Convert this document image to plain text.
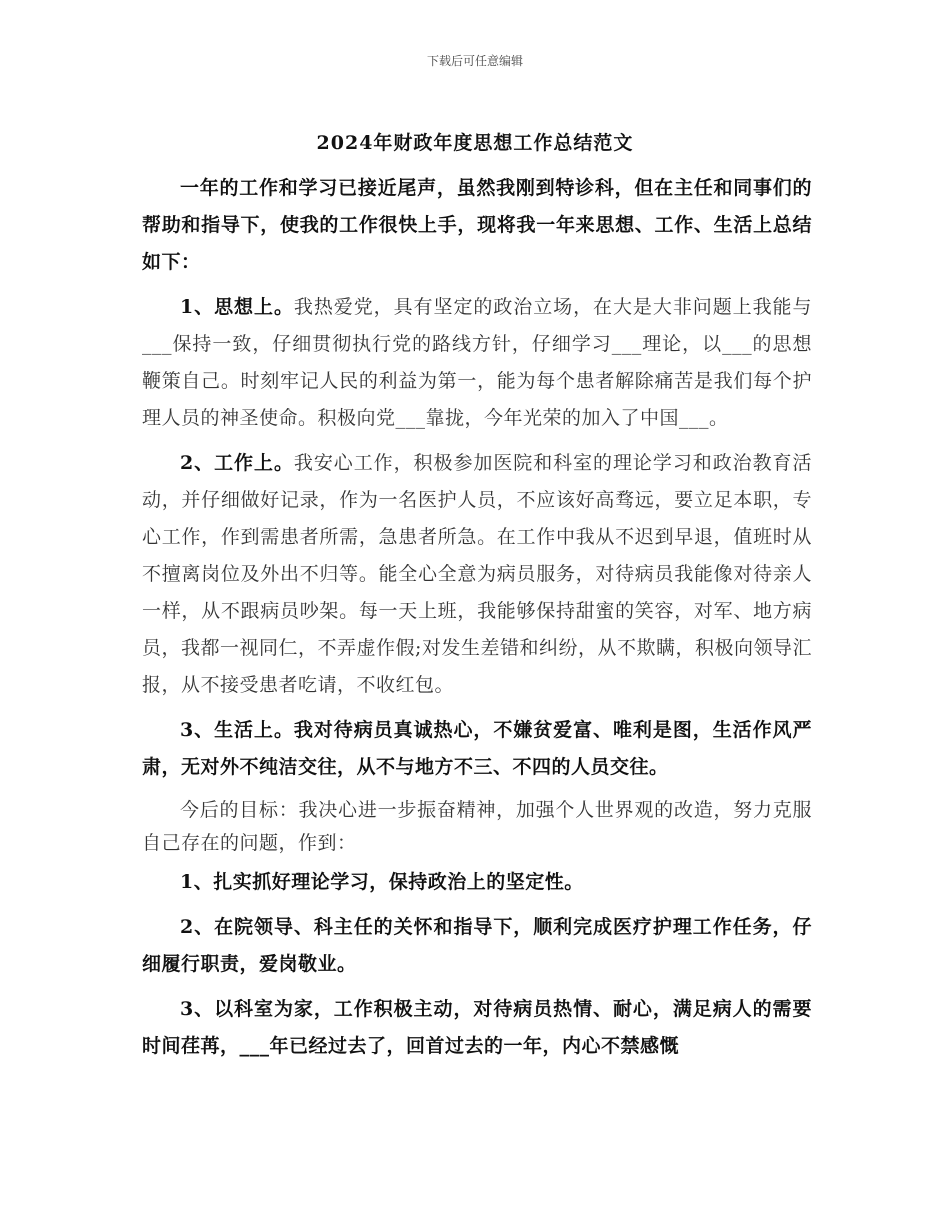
下载后可任意编辑
2024年财政年度思想工作总结范文

一年的工作和学习已接近尾声，虽然我刚到特诊科，但在主任和同事们的帮助和指导下，使我的工作很快上手，现将我一年来思想、工作、生活上总结如下：

1、思想上。我热爱党，具有坚定的政治立场，在大是大非问题上我能与___保持一致，仔细贯彻执行党的路线方针，仔细学习___理论，以___的思想鞭策自己。时刻牢记人民的利益为第一，能为每个患者解除痛苦是我们每个护理人员的神圣使命。积极向党___靠拢，今年光荣的加入了中国___。

2、工作上。我安心工作，积极参加医院和科室的理论学习和政治教育活动，并仔细做好记录，作为一名医护人员，不应该好高骛远，要立足本职，专心工作，作到需患者所需，急患者所急。在工作中我从不迟到早退，值班时从不擅离岗位及外出不归等。能全心全意为病员服务，对待病员我能像对待亲人一样，从不跟病员吵架。每一天上班，我能够保持甜蜜的笑容，对军、地方病员，我都一视同仁，不弄虚作假;对发生差错和纠纷，从不欺瞒，积极向领导汇报，从不接受患者吃请，不收红包。

3、生活上。我对待病员真诚热心，不嫌贫爱富、唯利是图，生活作风严肃，无对外不纯洁交往，从不与地方不三、不四的人员交往。

今后的目标：我决心进一步振奋精神，加强个人世界观的改造，努力克服自己存在的问题，作到：

1、扎实抓好理论学习，保持政治上的坚定性。

2、在院领导、科主任的关怀和指导下，顺利完成医疗护理工作任务，仔细履行职责，爱岗敬业。

3、以科室为家，工作积极主动，对待病员热情、耐心，满足病人的需要时间荏苒，___年已经过去了，回首过去的一年，内心不禁感慨
